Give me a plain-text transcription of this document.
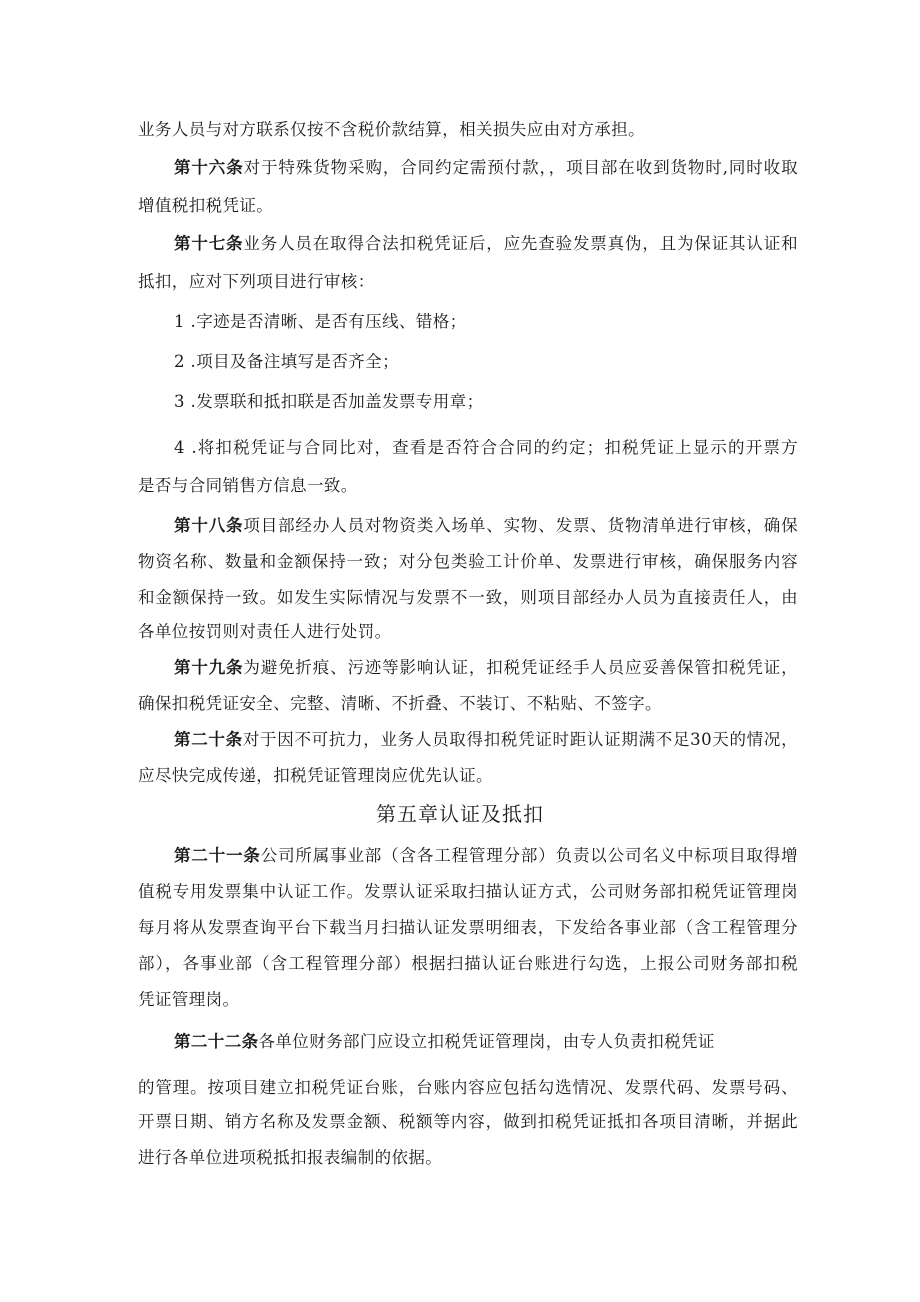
业务人员与对方联系仅按不含税价款结算，相关损失应由对方承担。
第十六条对于特殊货物采购，合同约定需预付款，，项目部在收到货物时,同时收取
增值税扣税凭证。
第十七条业务人员在取得合法扣税凭证后，应先查验发票真伪，且为保证其认证和
抵扣，应对下列项目进行审核：
1 .字迹是否清晰、是否有压线、错格；
2 .项目及备注填写是否齐全；
3 .发票联和抵扣联是否加盖发票专用章；
4 .将扣税凭证与合同比对，查看是否符合合同的约定；扣税凭证上显示的开票方
是否与合同销售方信息一致。
第十八条项目部经办人员对物资类入场单、实物、发票、货物清单进行审核，确保
物资名称、数量和金额保持一致；对分包类验工计价单、发票进行审核，确保服务内容
和金额保持一致。如发生实际情况与发票不一致，则项目部经办人员为直接责任人，由
各单位按罚则对责任人进行处罚。
第十九条为避免折痕、污迹等影响认证，扣税凭证经手人员应妥善保管扣税凭证，
确保扣税凭证安全、完整、清晰、不折叠、不装订、不粘贴、不签字。
第二十条对于因不可抗力，业务人员取得扣税凭证时距认证期满不足30天的情况，
应尽快完成传递，扣税凭证管理岗应优先认证。
第五章认证及抵扣
第二十一条公司所属事业部（含各工程管理分部）负责以公司名义中标项目取得增
值税专用发票集中认证工作。发票认证采取扫描认证方式，公司财务部扣税凭证管理岗
每月将从发票查询平台下载当月扫描认证发票明细表，下发给各事业部（含工程管理分
部），各事业部（含工程管理分部）根据扫描认证台账进行勾选，上报公司财务部扣税
凭证管理岗。
第二十二条各单位财务部门应设立扣税凭证管理岗，由专人负责扣税凭证
的管理。按项目建立扣税凭证台账，台账内容应包括勾选情况、发票代码、发票号码、
开票日期、销方名称及发票金额、税额等内容，做到扣税凭证抵扣各项目清晰，并据此
进行各单位进项税抵扣报表编制的依据。
